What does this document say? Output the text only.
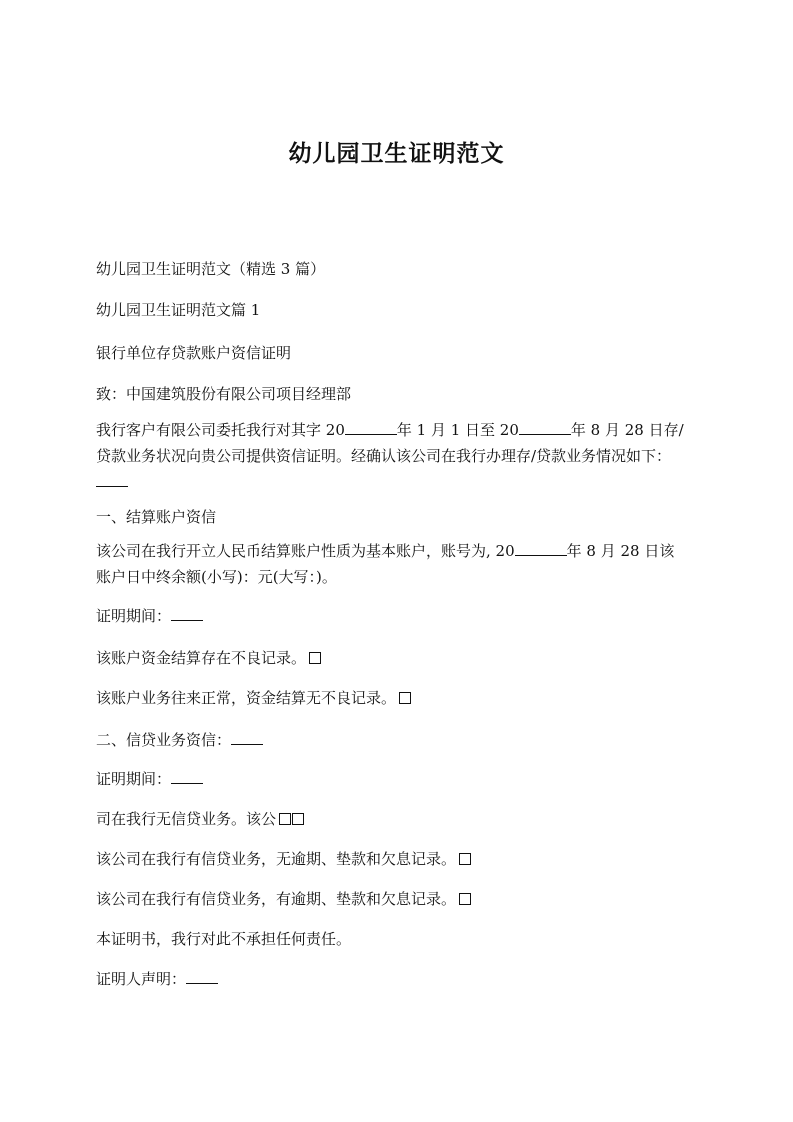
幼儿园卫生证明范文
幼儿园卫生证明范文（精选 3 篇）
幼儿园卫生证明范文篇 1
银行单位存贷款账户资信证明
致：中国建筑股份有限公司项目经理部
我行客户有限公司委托我行对其字 20	年 1 月 1 日至 20	年 8 月 28 日存/
贷款业务状况向贵公司提供资信证明。经确认该公司在我行办理存/贷款业务情况如下：
一、结算账户资信
该公司在我行开立人民币结算账户性质为基本账户，账号为, 20	年 8 月 28 日该
账户日中终余额(小写)：元(大写：)。
证明期间：
该账户资金结算存在不良记录。
该账户业务往来正常，资金结算无不良记录。
二、信贷业务资信：
证明期间：
司在我行无信贷业务。该公
该公司在我行有信贷业务，无逾期、垫款和欠息记录。
该公司在我行有信贷业务，有逾期、垫款和欠息记录。
本证明书，我行对此不承担任何责任。
证明人声明：
